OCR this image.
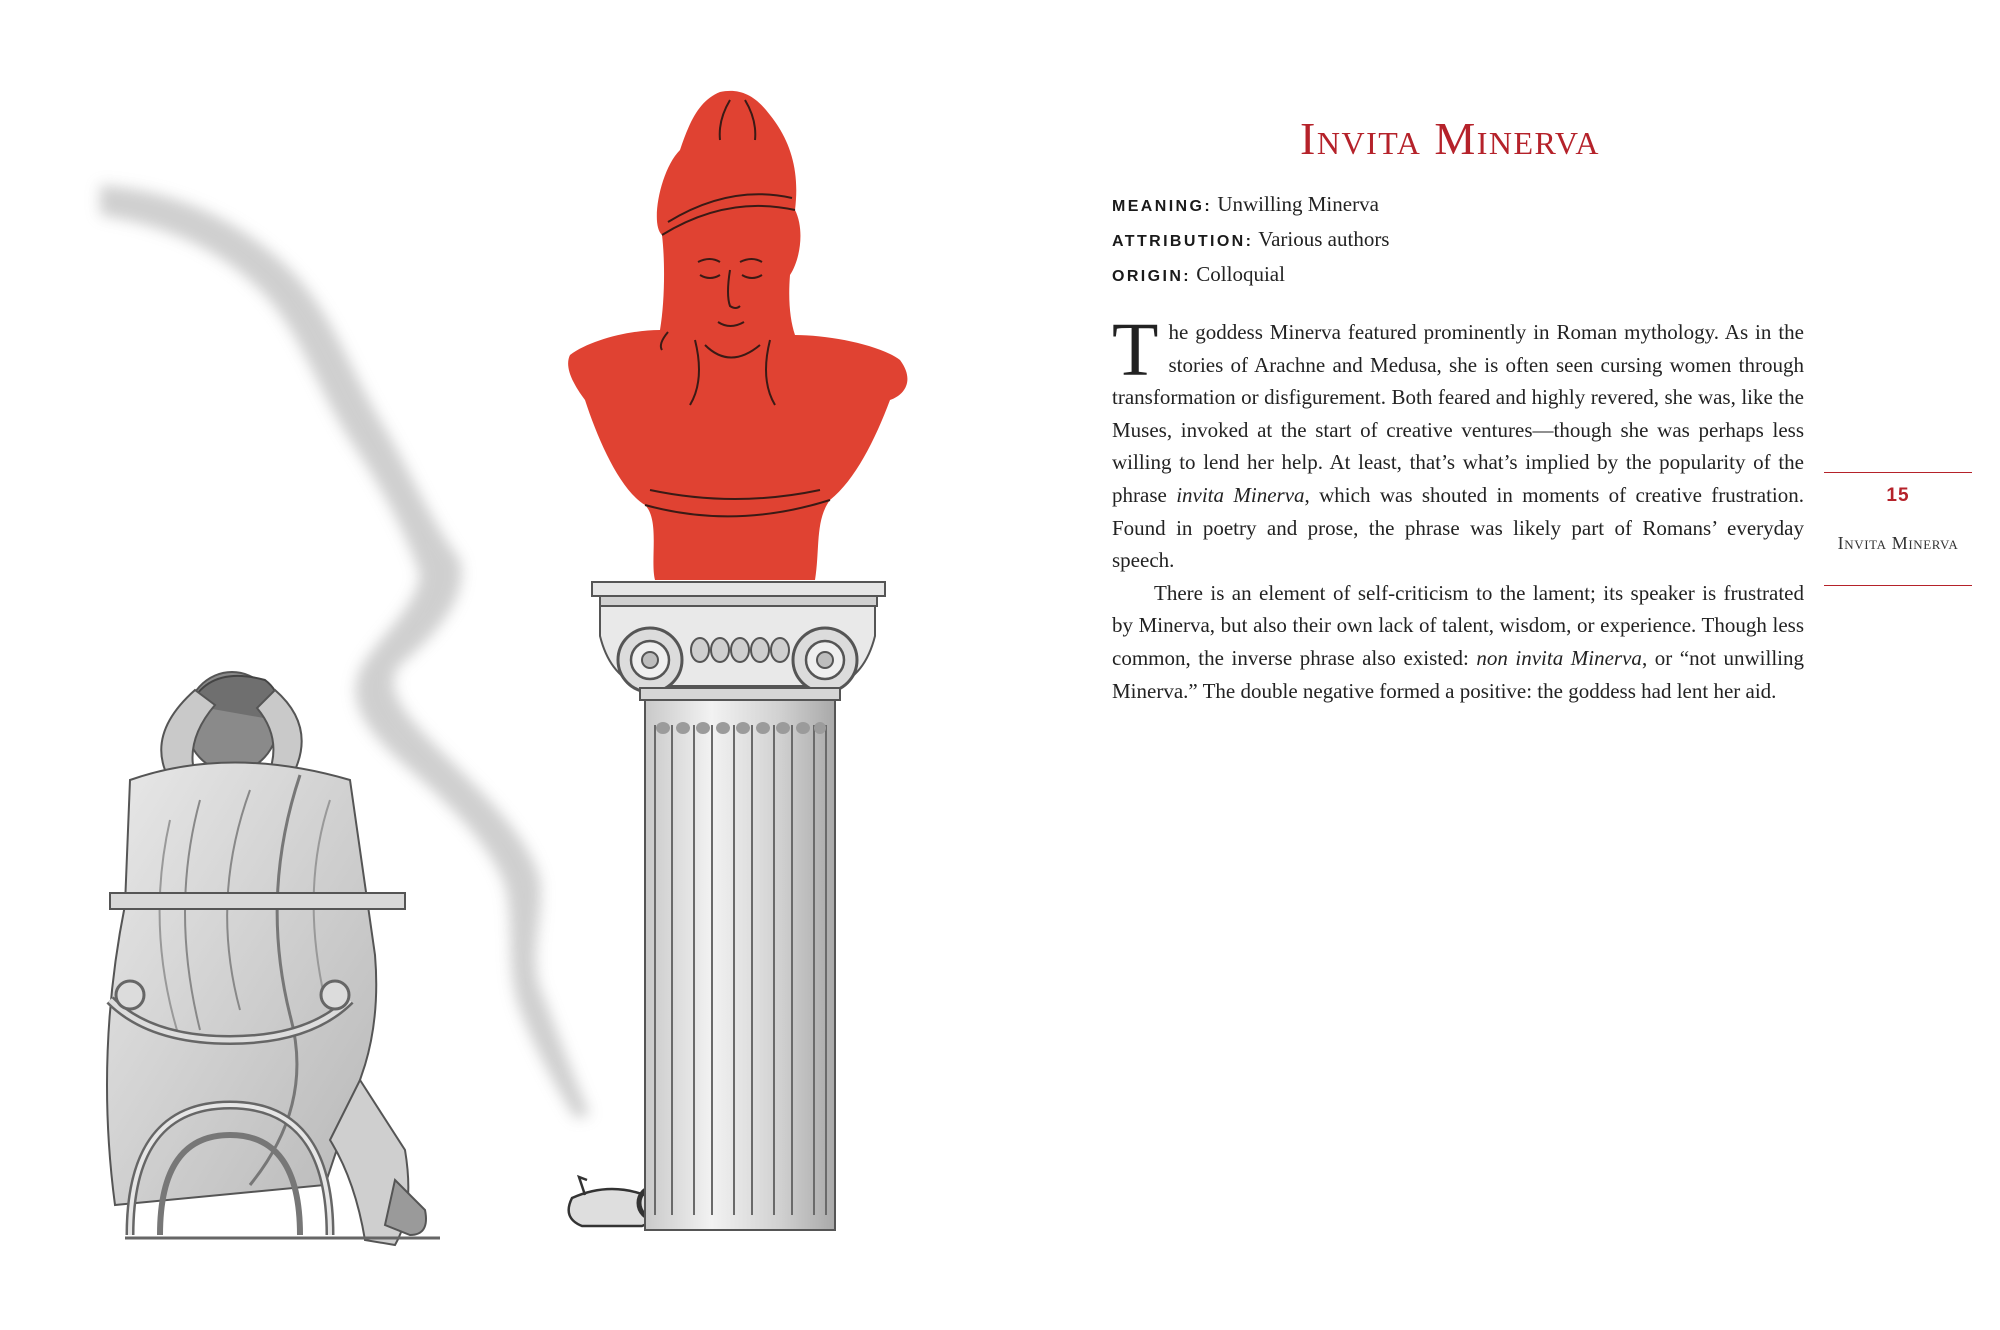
Invita Minerva
MEANING: Unwilling Minerva
ATTRIBUTION: Various authors
ORIGIN: Colloquial

The goddess Minerva featured prominently in Roman mythology. As in the stories of Arachne and Medusa, she is often seen cursing women through transformation or disfigurement. Both feared and highly revered, she was, like the Muses, invoked at the start of creative ventures—though she was perhaps less willing to lend her help. At least, that’s what’s implied by the popularity of the phrase invita Minerva, which was shouted in moments of creative frustration. Found in poetry and prose, the phrase was likely part of Romans’ everyday speech.

There is an element of self-criticism to the lament; its speaker is frustrated by Minerva, but also their own lack of talent, wisdom, or experience. Though less common, the inverse phrase also existed: non invita Minerva, or “not unwilling Minerva.” The double negative formed a positive: the goddess had lent her aid.

15
Invita Minerva
